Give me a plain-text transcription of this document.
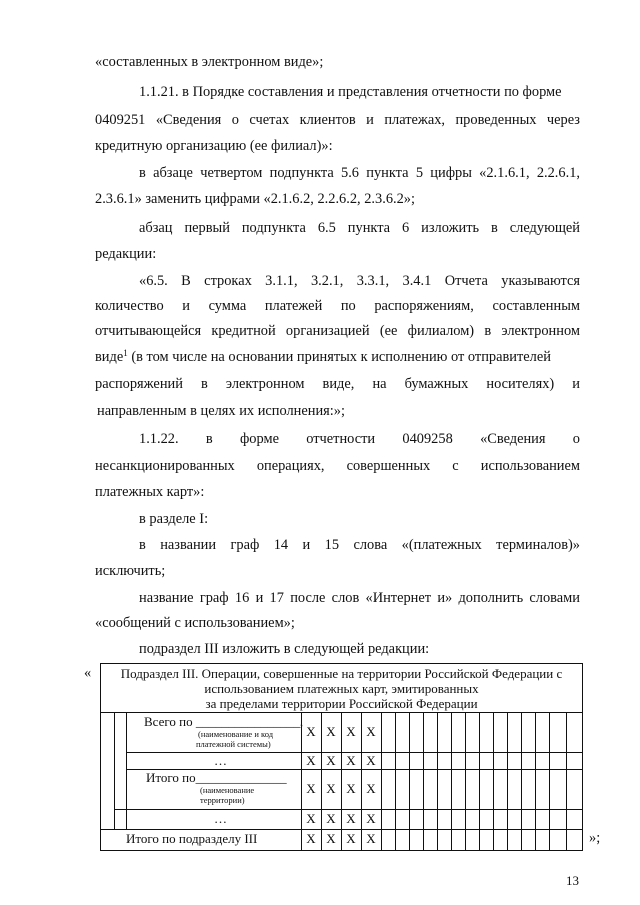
«составленных в электронном виде»;
1.1.21. в Порядке составления и представления отчетности по форме
0409251 «Сведения о счетах клиентов и платежах, проведенных через
кредитную организацию (ее филиал)»:
в абзаце четвертом подпункта 5.6 пункта 5 цифры «2.1.6.1, 2.2.6.1,
2.3.6.1» заменить цифрами «2.1.6.2, 2.2.6.2, 2.3.6.2»;
абзац первый подпункта 6.5 пункта 6 изложить в следующей
редакции:
«6.5. В строках 3.1.1, 3.2.1, 3.3.1, 3.4.1 Отчета указываются
количество и сумма платежей по распоряжениям, составленным
отчитывающейся кредитной организацией (ее филиалом) в электронном
виде$^1$ (в том числе на основании принятых к исполнению от отправителей
распоряжений в электронном виде, на бумажных носителях) и
направленным в целях их исполнения:»;
1.1.22. в форме отчетности 0409258 «Сведения о
несанкционированных операциях, совершенных с использованием
платежных карт»:
в разделе I:
в названии граф 14 и 15 слова «(платежных терминалов)»
исключить;
название граф 16 и 17 после слов «Интернет и» дополнить словами
«сообщений с использованием»;
подраздел III изложить в следующей редакции:
«
»;
Подраздел III. Операции, совершенные на территории Российской Федерации с
использованием платежных карт, эмитированных
за пределами территории Российской Федерации
Всего по ________________,
(наименование и код
платежной системы)
…
Итого по______________
(наименование
территории)
…
Итого по подразделу III
X X X X
X X X X
X X X X
X X X X
X X X X
13
